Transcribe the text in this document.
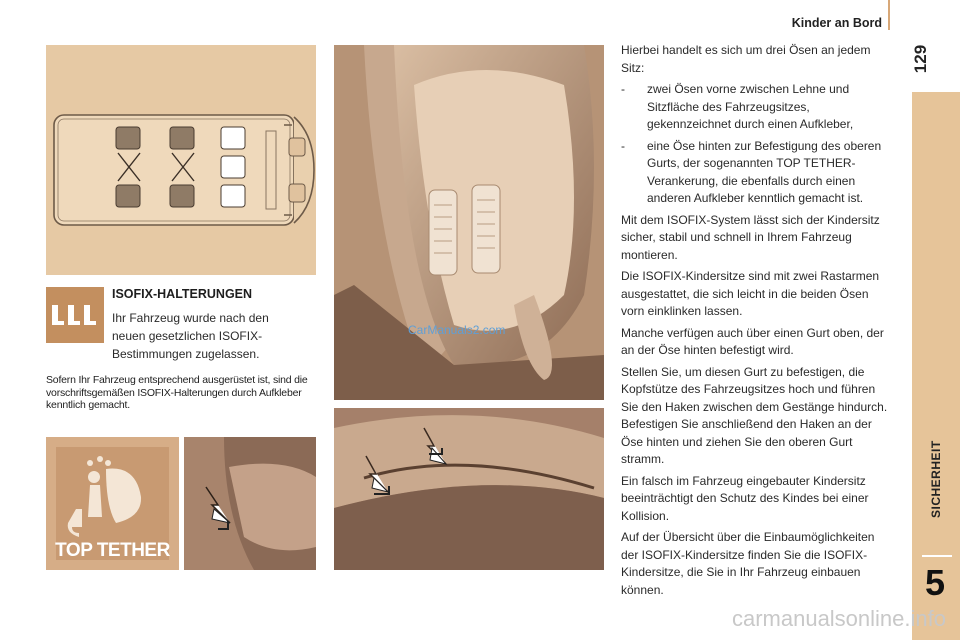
Kinder an Bord
129
SICHERHEIT
5
CarManuals2.com
ISOFIX-HALTERUNGEN
Ihr Fahrzeug wurde nach den neuen gesetzlichen ISOFIX-Bestimmungen zugelassen.
Sofern Ihr Fahrzeug entsprechend ausgerüstet ist, sind die vorschriftsgemäßen ISOFIX-Halterungen durch Aufkleber kenntlich gemacht.
TOP TETHER

Hierbei handelt es sich um drei Ösen an jedem Sitz:

-	zwei Ösen vorne zwischen Lehne und Sitzfläche des Fahrzeugsitzes, gekennzeichnet durch einen Aufkleber,
-	eine Öse hinten zur Befestigung des oberen Gurts, der sogenannten TOP TETHER-Verankerung, die ebenfalls durch einen anderen Aufkleber kenntlich gemacht ist.

Mit dem ISOFIX-System lässt sich der Kindersitz sicher, stabil und schnell in Ihrem Fahrzeug montieren.

Die ISOFIX-Kindersitze sind mit zwei Rastarmen ausgestattet, die sich leicht in die beiden Ösen vorn einklinken lassen.

Manche verfügen auch über einen Gurt oben, der an der Öse hinten befestigt wird.

Stellen Sie, um diesen Gurt zu befestigen, die Kopfstütze des Fahrzeugsitzes hoch und führen Sie den Haken zwischen dem Gestänge hindurch. Befestigen Sie anschließend den Haken an der Öse hinten und ziehen Sie den oberen Gurt stramm.

Ein falsch im Fahrzeug eingebauter Kindersitz beeinträchtigt den Schutz des Kindes bei einer Kollision.

Auf der Übersicht über die Einbaumöglichkeiten der ISOFIX-Kindersitze finden Sie die ISOFIX-Kindersitze, die Sie in Ihr Fahrzeug einbauen können.

carmanualsonline.info
